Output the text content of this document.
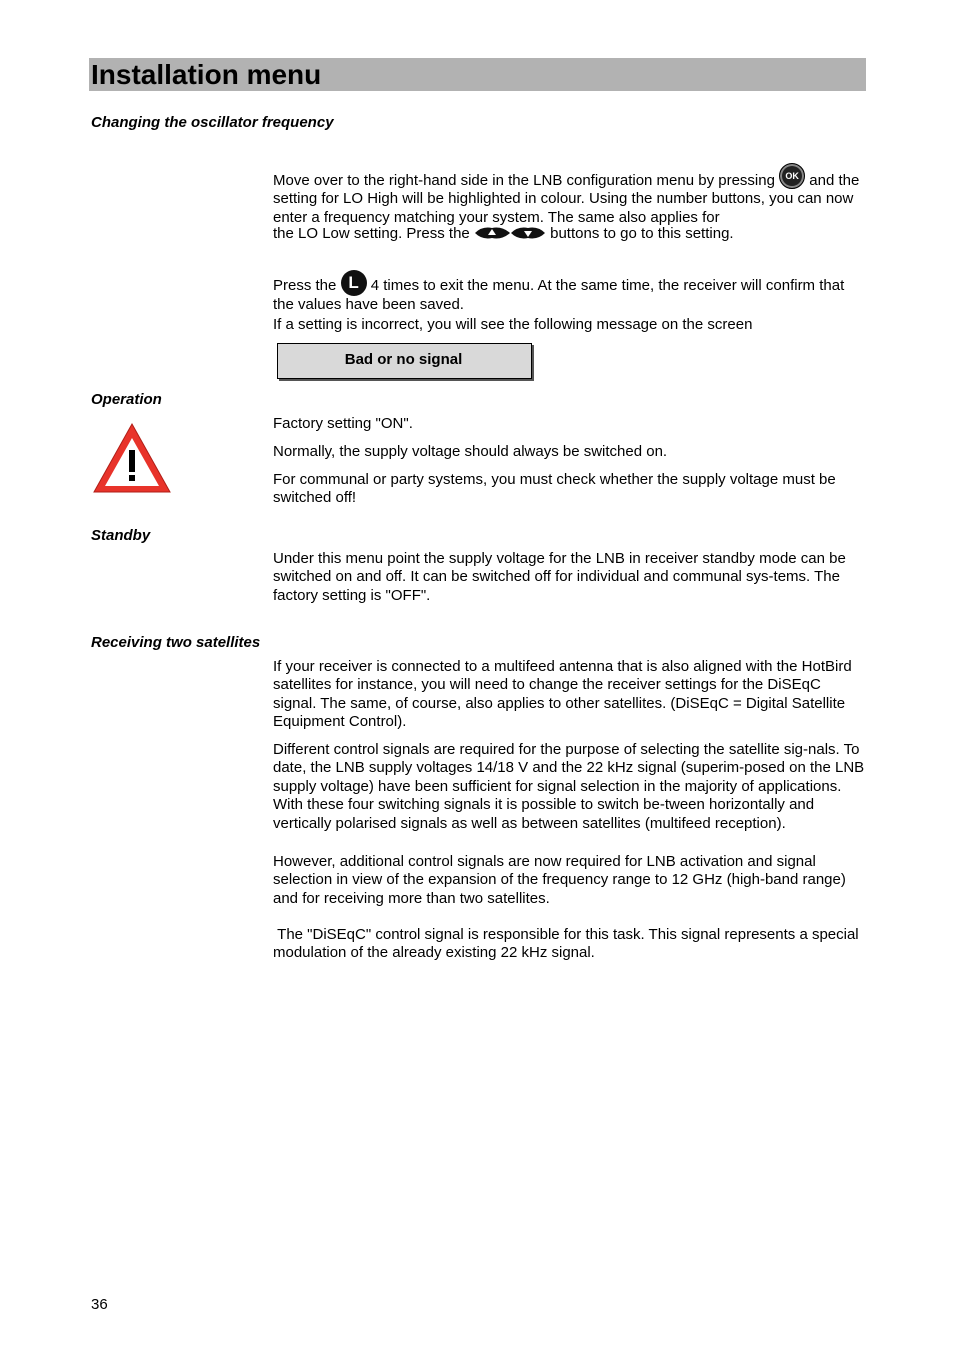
Installation menu
Changing the oscillator frequency
Move over to the right-hand side in the LNB configuration menu by pressing	OK and the setting for LO High will be highlighted in colour. Using the number buttons, you can now enter a frequency matching your system. The same also applies for
the LO Low setting. Press the	buttons to go to this setting.
Press the L 4 times to exit the menu. At the same time, the receiver will confirm that the values have been saved.
If a setting is incorrect, you will see the following message on the screen
Bad or no signal
Operation
Factory setting "ON".
Normally, the supply voltage should always be switched on.
For communal or party systems, you must check whether the supply voltage must be switched off!
Standby
Under this menu point the supply voltage for the LNB in receiver standby mode can be switched on and off. It can be switched off for individual and communal sys-tems. The factory setting is "OFF".
Receiving two satellites
If your receiver is connected to a multifeed antenna that is also aligned with the HotBird satellites for instance, you will need to change the receiver settings for the DiSEqC signal. The same, of course, also applies to other satellites. (DiSEqC = Digital Satellite Equipment Control).
Different control signals are required for the purpose of selecting the satellite sig-nals. To date, the LNB supply voltages 14/18 V and the 22 kHz signal (superim-posed on the LNB supply voltage) have been sufficient for signal selection in the majority of applications. With these four switching signals it is possible to switch be-tween horizontally and vertically polarised signals as well as between satellites (multifeed reception).
However, additional control signals are now required for LNB activation and signal selection in view of the expansion of the frequency range to 12 GHz (high-band range) and for receiving more than two satellites.
The "DiSEqC" control signal is responsible for this task. This signal represents a special modulation of the already existing 22 kHz signal.
36
